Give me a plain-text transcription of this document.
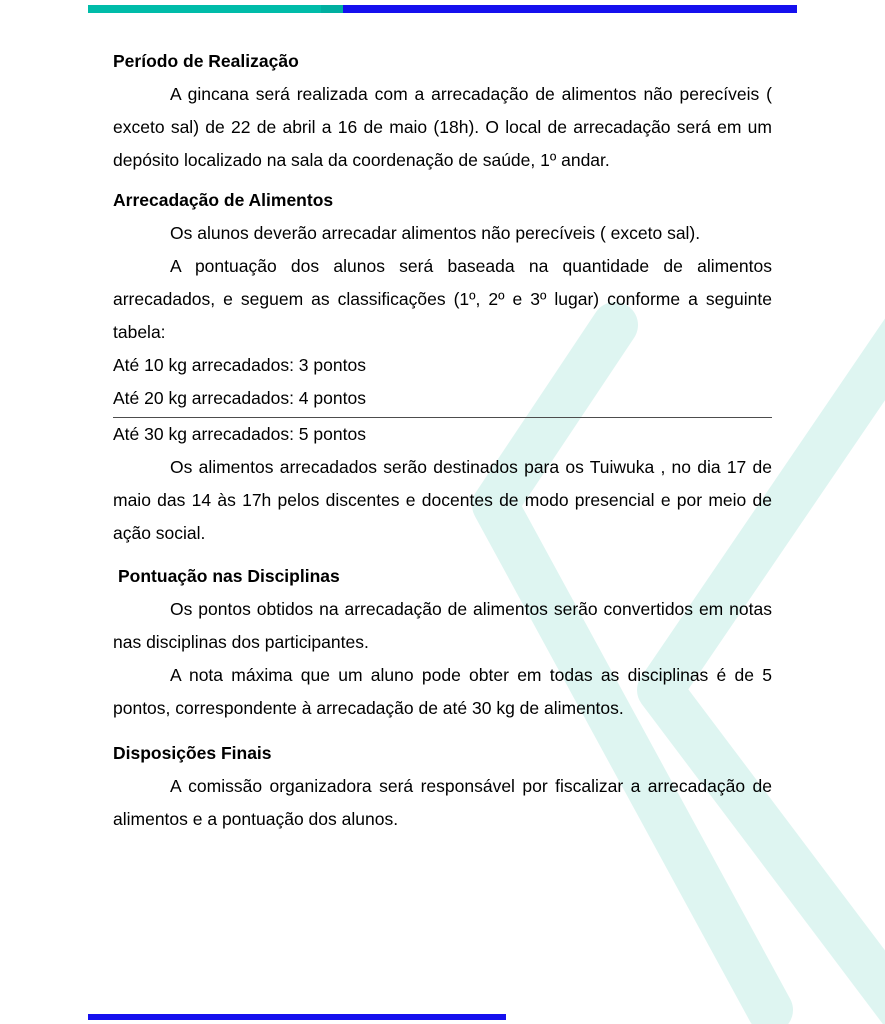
Período de Realização

A gincana será realizada com a arrecadação de alimentos não perecíveis ( exceto sal) de 22 de abril a 16 de maio (18h). O local de arrecadação será em um depósito localizado na sala da coordenação de saúde, 1º andar.

Arrecadação de Alimentos

Os alunos deverão arrecadar alimentos não perecíveis ( exceto sal).

A pontuação dos alunos será baseada na quantidade de alimentos arrecadados, e seguem as classificações (1º, 2º e 3º lugar) conforme a seguinte tabela:

Até 10 kg arrecadados: 3 pontos

Até 20 kg arrecadados: 4 pontos

Até 30 kg arrecadados: 5 pontos

Os alimentos arrecadados serão destinados para os Tuiwuka , no dia 17 de maio das 14 às 17h pelos discentes e docentes de modo presencial e por meio de ação social.

Pontuação nas Disciplinas

Os pontos obtidos na arrecadação de alimentos serão convertidos em notas nas disciplinas dos participantes.

A nota máxima que um aluno pode obter em todas as disciplinas é de 5 pontos, correspondente à arrecadação de até 30 kg de alimentos.

Disposições Finais

A comissão organizadora será responsável por fiscalizar a arrecadação de alimentos e a pontuação dos alunos.
